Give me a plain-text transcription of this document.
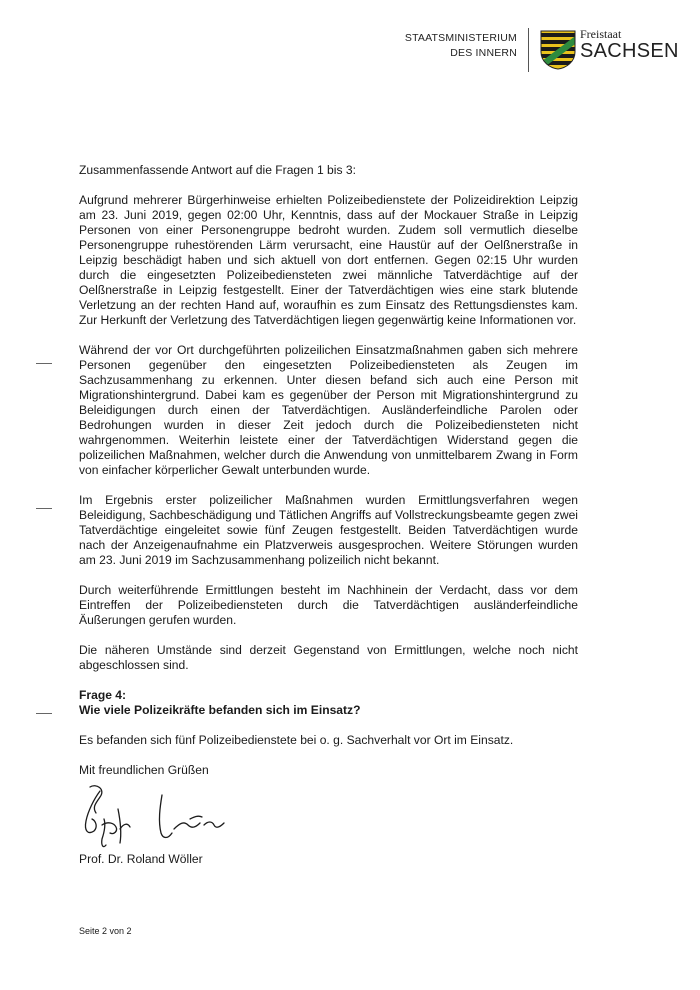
STAATSMINISTERIUM
DES INNERN
Freistaat
SACHSEN

Zusammenfassende Antwort auf die Fragen 1 bis 3:

Aufgrund mehrerer Bürgerhinweise erhielten Polizeibedienstete der Polizeidirektion Leipzig am 23. Juni 2019, gegen 02:00 Uhr, Kenntnis, dass auf der Mockauer Straße in Leipzig Personen von einer Personengruppe bedroht wurden. Zudem soll vermutlich dieselbe Personengruppe ruhestörenden Lärm verursacht, eine Haustür auf der Oelßnerstraße in Leipzig beschädigt haben und sich aktuell von dort entfernen. Gegen 02:15 Uhr wurden durch die eingesetzten Polizeibediensteten zwei männliche Tatverdächtige auf der Oelßnerstraße in Leipzig festgestellt. Einer der Tatverdächtigen wies eine stark blutende Verletzung an der rechten Hand auf, woraufhin es zum Einsatz des Rettungsdienstes kam. Zur Herkunft der Verletzung des Tatverdächtigen liegen gegenwärtig keine Informationen vor.

Während der vor Ort durchgeführten polizeilichen Einsatzmaßnahmen gaben sich mehrere Personen gegenüber den eingesetzten Polizeibediensteten als Zeugen im Sachzusammenhang zu erkennen. Unter diesen befand sich auch eine Person mit Migrationshintergrund. Dabei kam es gegenüber der Person mit Migrationshintergrund zu Beleidigungen durch einen der Tatverdächtigen. Ausländerfeindliche Parolen oder Bedrohungen wurden in dieser Zeit jedoch durch die Polizeibediensteten nicht wahrgenommen. Weiterhin leistete einer der Tatverdächtigen Widerstand gegen die polizeilichen Maßnahmen, welcher durch die Anwendung von unmittelbarem Zwang in Form von einfacher körperlicher Gewalt unterbunden wurde.

Im Ergebnis erster polizeilicher Maßnahmen wurden Ermittlungsverfahren wegen Beleidigung, Sachbeschädigung und Tätlichen Angriffs auf Vollstreckungsbeamte gegen zwei Tatverdächtige eingeleitet sowie fünf Zeugen festgestellt. Beiden Tatverdächtigen wurde nach der Anzeigenaufnahme ein Platzverweis ausgesprochen. Weitere Störungen wurden am 23. Juni 2019 im Sachzusammenhang polizeilich nicht bekannt.

Durch weiterführende Ermittlungen besteht im Nachhinein der Verdacht, dass vor dem Eintreffen der Polizeibediensteten durch die Tatverdächtigen ausländerfeindliche Äußerungen gerufen wurden.

Die näheren Umstände sind derzeit Gegenstand von Ermittlungen, welche noch nicht abgeschlossen sind.

Frage 4:

Wie viele Polizeikräfte befanden sich im Einsatz?

Es befanden sich fünf Polizeibedienstete bei o. g. Sachverhalt vor Ort im Einsatz.

Mit freundlichen Grüßen

Prof. Dr. Roland Wöller
Seite 2 von 2
